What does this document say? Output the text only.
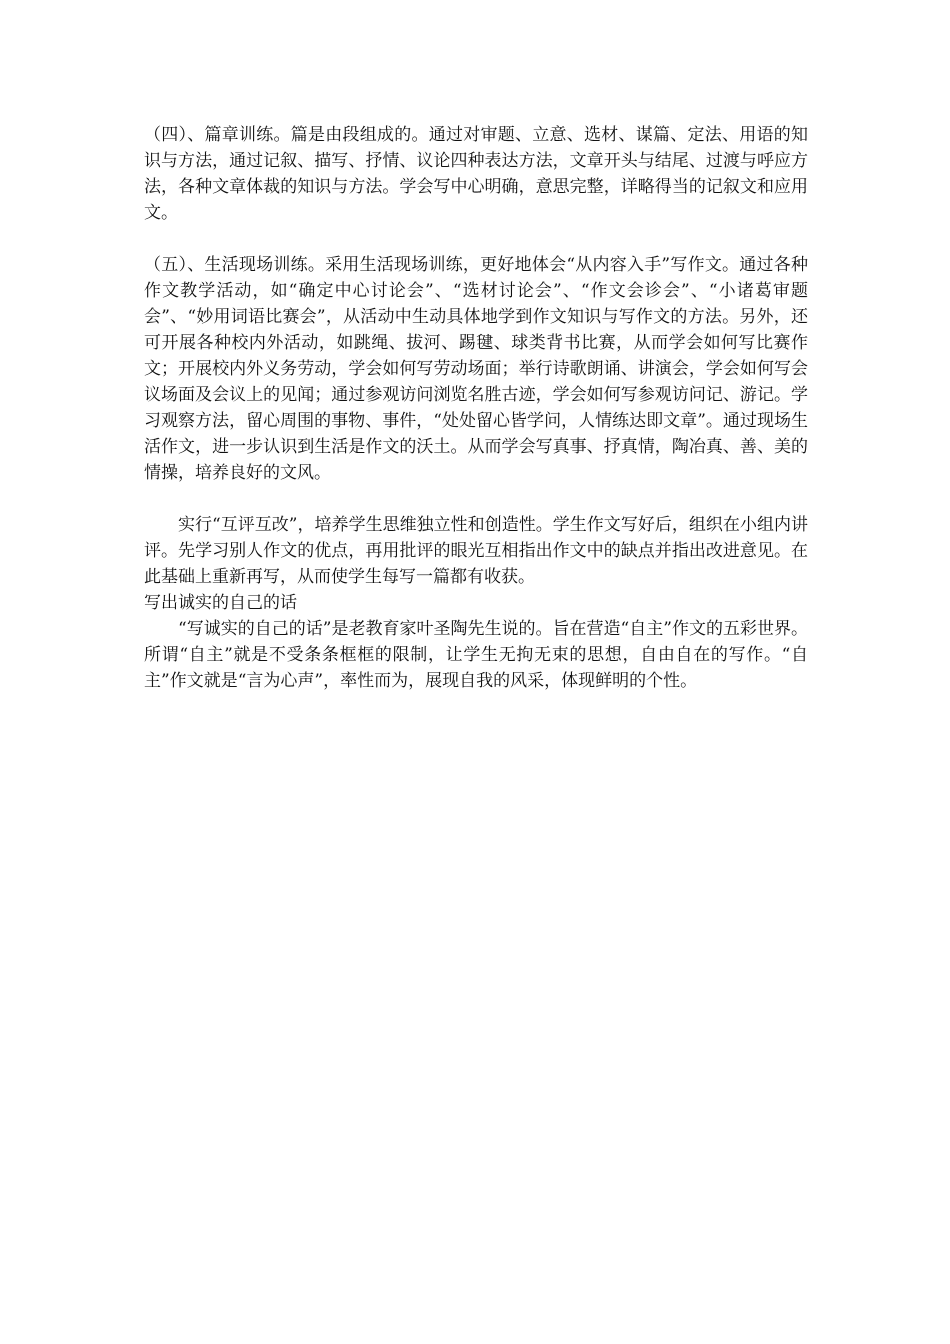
（四）、篇章训练。篇是由段组成的。通过对审题、立意、选材、谋篇、定法、用语的知识与方法，通过记叙、描写、抒情、议论四种表达方法，文章开头与结尾、过渡与呼应方法，各种文章体裁的知识与方法。学会写中心明确，意思完整，详略得当的记叙文和应用文。

（五）、生活现场训练。采用生活现场训练，更好地体会“从内容入手”写作文。通过各种作文教学活动，如“确定中心讨论会”、“选材讨论会”、“作文会诊会”、“小诸葛审题会”、“妙用词语比赛会”，从活动中生动具体地学到作文知识与写作文的方法。另外，还可开展各种校内外活动，如跳绳、拔河、踢毽、球类背书比赛，从而学会如何写比赛作文；开展校内外义务劳动，学会如何写劳动场面；举行诗歌朗诵、讲演会，学会如何写会议场面及会议上的见闻；通过参观访问浏览名胜古迹，学会如何写参观访问记、游记。学习观察方法，留心周围的事物、事件，“处处留心皆学问，人情练达即文章”。通过现场生活作文，进一步认识到生活是作文的沃土。从而学会写真事、抒真情，陶冶真、善、美的情操，培养良好的文风。

实行“互评互改”，培养学生思维独立性和创造性。学生作文写好后，组织在小组内讲评。先学习别人作文的优点，再用批评的眼光互相指出作文中的缺点并指出改进意见。在此基础上重新再写，从而使学生每写一篇都有收获。

写出诚实的自己的话

“写诚实的自己的话”是老教育家叶圣陶先生说的。旨在营造“自主”作文的五彩世界。所谓“自主”就是不受条条框框的限制，让学生无拘无束的思想，自由自在的写作。“自主”作文就是“言为心声”，率性而为，展现自我的风采，体现鲜明的个性。
